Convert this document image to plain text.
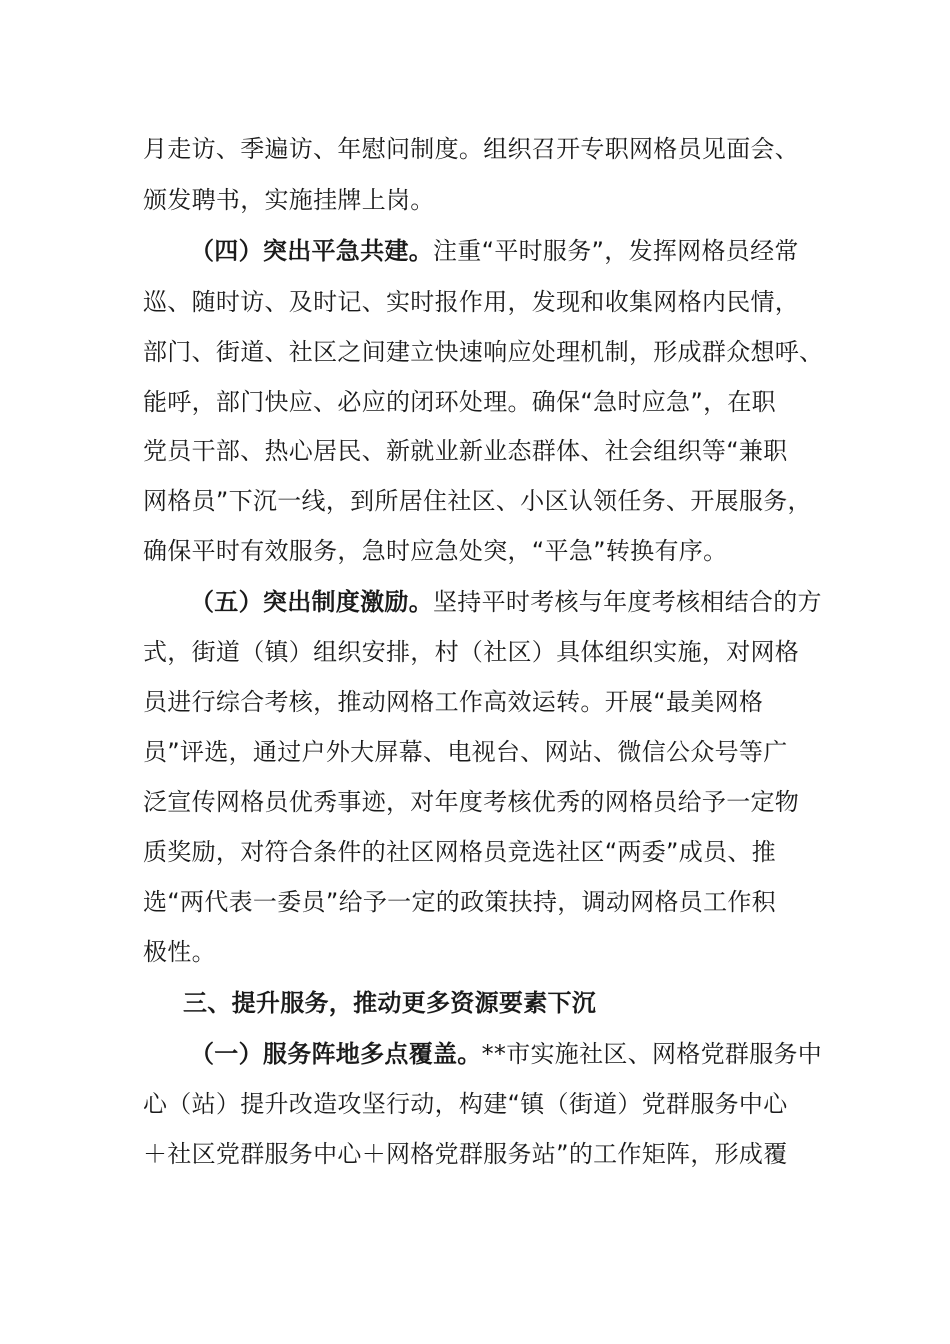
月走访、季遍访、年慰问制度。组织召开专职网格员见面会、
颁发聘书，实施挂牌上岗。
（四）突出平急共建。注重“平时服务”，发挥网格员经常
巡、随时访、及时记、实时报作用，发现和收集网格内民情，
部门、街道、社区之间建立快速响应处理机制，形成群众想呼、
能呼，部门快应、必应的闭环处理。确保“急时应急”，在职
党员干部、热心居民、新就业新业态群体、社会组织等“兼职
网格员”下沉一线，到所居住社区、小区认领任务、开展服务，
确保平时有效服务，急时应急处突，“平急”转换有序。
（五）突出制度激励。坚持平时考核与年度考核相结合的方
式，街道（镇）组织安排，村（社区）具体组织实施，对网格
员进行综合考核，推动网格工作高效运转。开展“最美网格
员”评选，通过户外大屏幕、电视台、网站、微信公众号等广
泛宣传网格员优秀事迹，对年度考核优秀的网格员给予一定物
质奖励，对符合条件的社区网格员竞选社区“两委”成员、推
选“两代表一委员”给予一定的政策扶持，调动网格员工作积
极性。
三、提升服务，推动更多资源要素下沉
（一）服务阵地多点覆盖。**市实施社区、网格党群服务中
心（站）提升改造攻坚行动，构建“镇（街道）党群服务中心
＋社区党群服务中心＋网格党群服务站”的工作矩阵，形成覆
